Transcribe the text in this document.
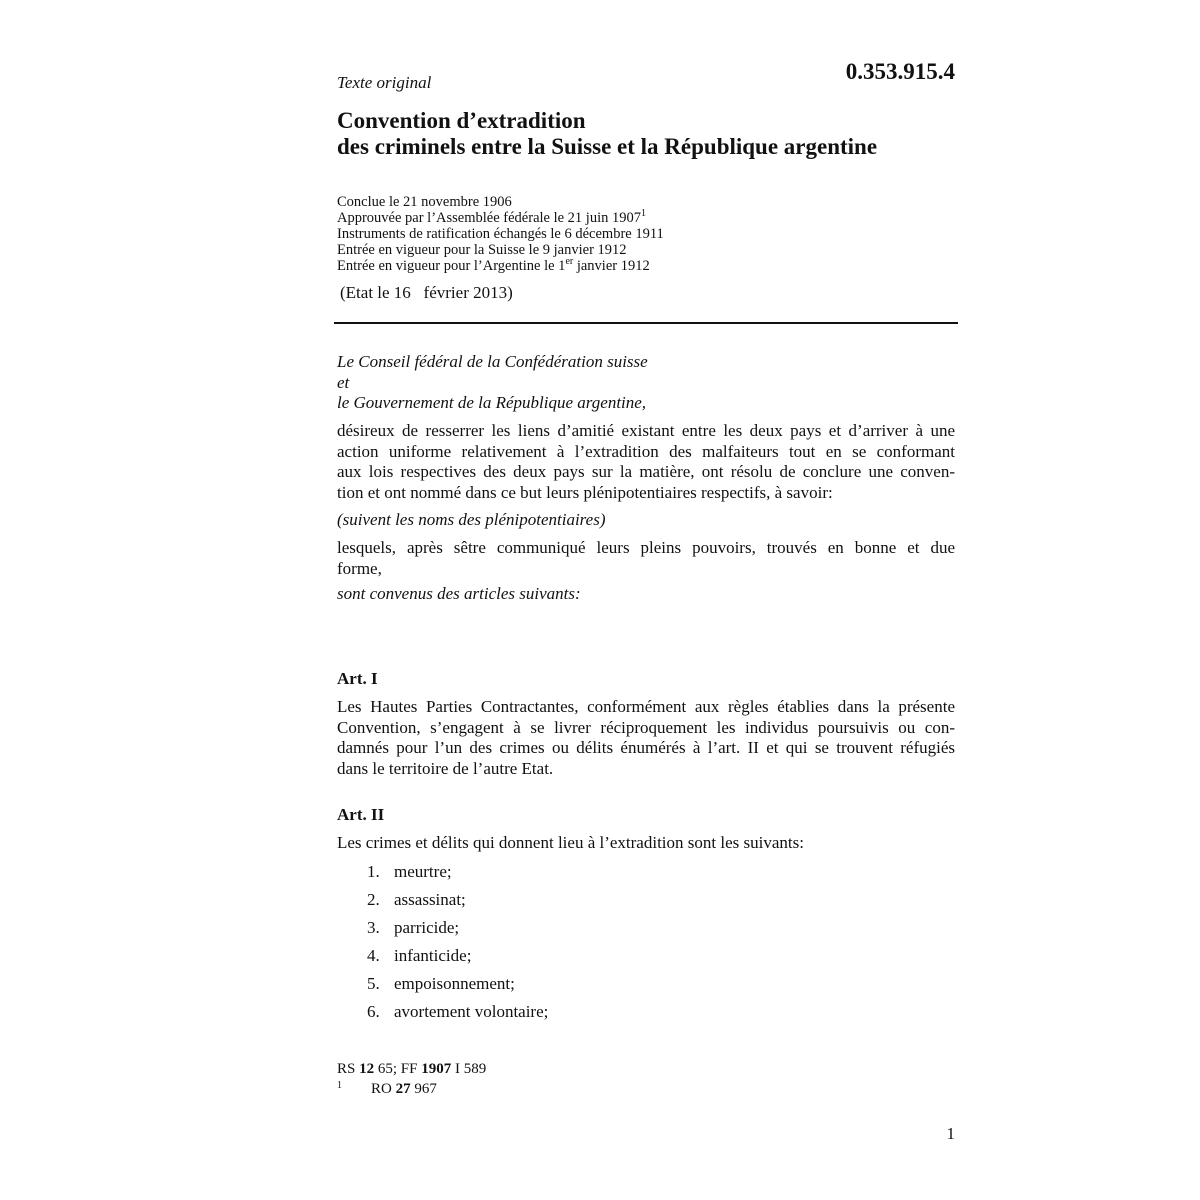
Texte original	0.353.915.4
Convention d’extradition
des criminels entre la Suisse et la République argentine
Conclue le 21 novembre 1906
Approuvée par l’Assemblée fédérale le 21 juin 1907$^1$
Instruments de ratification échangés le 6 décembre 1911
Entrée en vigueur pour la Suisse le 9 janvier 1912
Entrée en vigueur pour l’Argentine le 1er janvier 1912
(Etat le 16   février 2013)
Le Conseil fédéral de la Confédération suisse
et
le Gouvernement de la République argentine,
désireux de resserrer les liens d’amitié existant entre les deux pays et d’arriver à une
action uniforme relativement à l’extradition des malfaiteurs tout en se conformant
aux lois respectives des deux pays sur la matière, ont résolu de conclure une conven-
tion et ont nommé dans ce but leurs plénipotentiaires respectifs, à savoir:
(suivent les noms des plénipotentiaires)
lesquels, après sêtre communiqué leurs pleins pouvoirs, trouvés en bonne et due
forme,
sont convenus des articles suivants:
Art. I
Les Hautes Parties Contractantes, conformément aux règles établies dans la présente
Convention, s’engagent à se livrer réciproquement les individus poursuivis ou con-
damnés pour l’un des crimes ou délits énumérés à l’art. II et qui se trouvent réfugiés
dans le territoire de l’autre Etat.
Art. II
Les crimes et délits qui donnent lieu à l’extradition sont les suivants:
1. meurtre;
2. assassinat;
3. parricide;
4. infanticide;
5. empoisonnement;
6. avortement volontaire;
RS 12 65; FF 1907 I 589
1	RO 27 967
1
